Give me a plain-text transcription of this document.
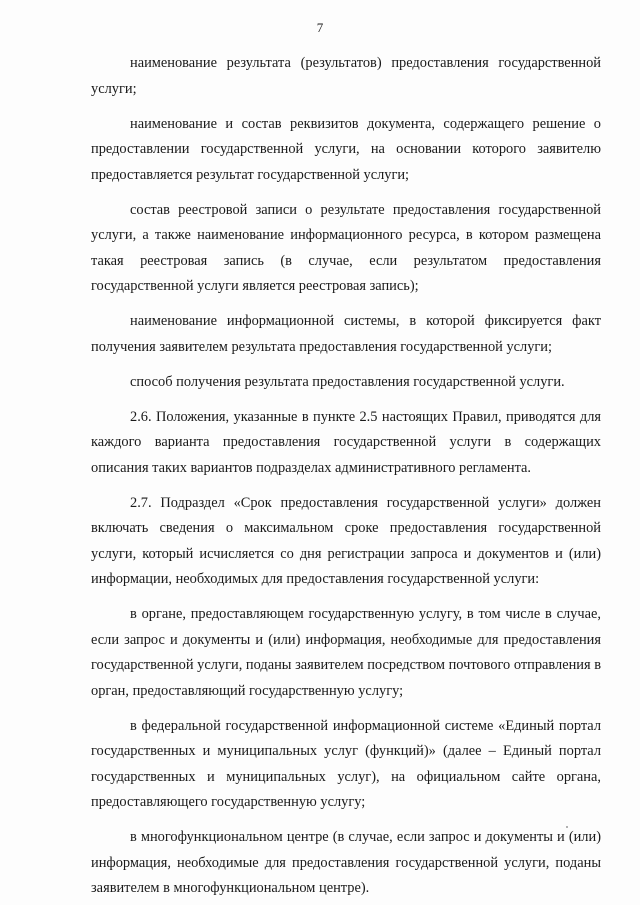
7

наименование результата (результатов) предоставления государственной услуги;

наименование и состав реквизитов документа, содержащего решение о предоставлении государственной услуги, на основании которого заявителю предоставляется результат государственной услуги;

состав реестровой записи о результате предоставления государственной услуги, а также наименование информационного ресурса, в котором размещена такая реестровая запись (в случае, если результатом предоставления государственной услуги является реестровая запись);

наименование информационной системы, в которой фиксируется факт получения заявителем результата предоставления государственной услуги;

способ получения результата предоставления государственной услуги.

2.6. Положения, указанные в пункте 2.5 настоящих Правил, приводятся для каждого варианта предоставления государственной услуги в содержащих описания таких вариантов подразделах административного регламента.

2.7. Подраздел «Срок предоставления государственной услуги» должен включать сведения о максимальном сроке предоставления государственной услуги, который исчисляется со дня регистрации запроса и документов и (или) информации, необходимых для предоставления государственной услуги:

в органе, предоставляющем государственную услугу, в том числе в случае, если запрос и документы и (или) информация, необходимые для предоставления государственной услуги, поданы заявителем посредством почтового отправления в орган, предоставляющий государственную услугу;

в федеральной государственной информационной системе «Единый портал государственных и муниципальных услуг (функций)» (далее – Единый портал государственных и муниципальных услуг), на официальном сайте органа, предоставляющего государственную услугу;

в многофункциональном центре (в случае, если запрос и документы и (или) информация, необходимые для предоставления государственной услуги, поданы заявителем в многофункциональном центре).
